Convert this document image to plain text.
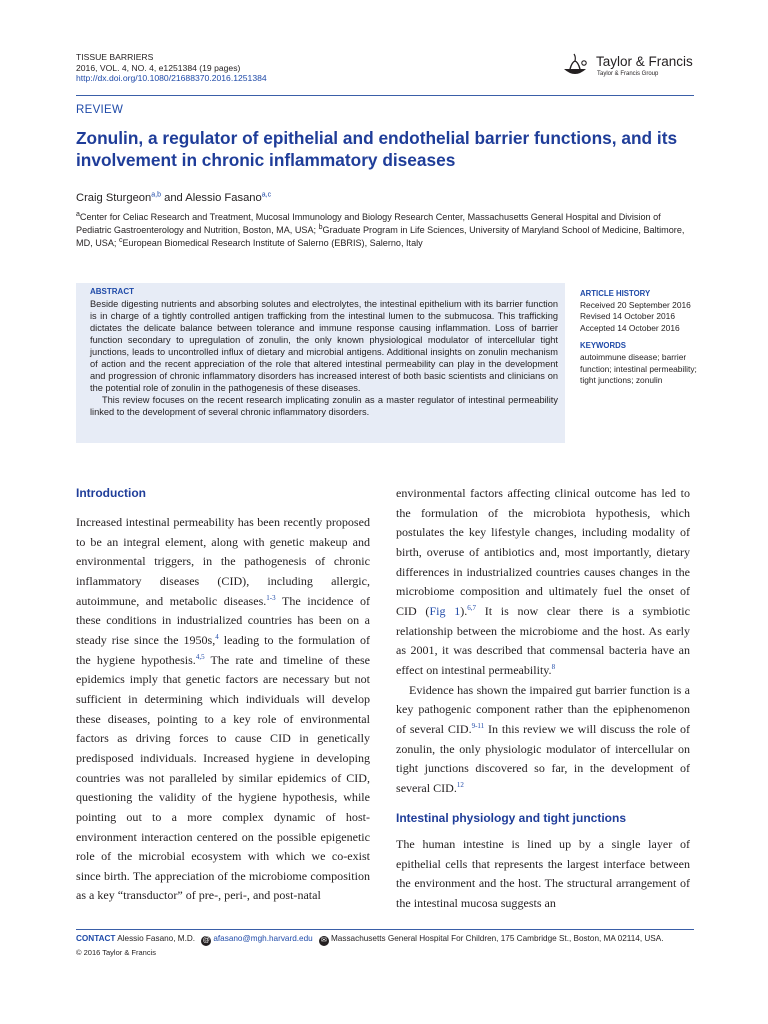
TISSUE BARRIERS
2016, VOL. 4, NO. 4, e1251384 (19 pages)
http://dx.doi.org/10.1080/21688370.2016.1251384
Taylor & Francis
Taylor & Francis Group
REVIEW
Zonulin, a regulator of epithelial and endothelial barrier functions, and its involvement in chronic inflammatory diseases
Craig Sturgeon$^{a,b}$ and Alessio Fasano$^{a,c}$
$^a$Center for Celiac Research and Treatment, Mucosal Immunology and Biology Research Center, Massachusetts General Hospital and Division of Pediatric Gastroenterology and Nutrition, Boston, MA, USA; $^b$Graduate Program in Life Sciences, University of Maryland School of Medicine, Baltimore, MD, USA; $^c$European Biomedical Research Institute of Salerno (EBRIS), Salerno, Italy
ABSTRACT

Beside digesting nutrients and absorbing solutes and electrolytes, the intestinal epithelium with its barrier function is in charge of a tightly controlled antigen trafficking from the intestinal lumen to the submucosa. This trafficking dictates the delicate balance between tolerance and immune response causing inflammation. Loss of barrier function secondary to upregulation of zonulin, the only known physiological modulator of intercellular tight junctions, leads to uncontrolled influx of dietary and microbial antigens. Additional insights on zonulin mechanism of action and the recent appreciation of the role that altered intestinal permeability can play in the development and progression of chronic inflammatory disorders has increased interest of both basic scientists and clinicians on the potential role of zonulin in the pathogenesis of these diseases.

This review focuses on the recent research implicating zonulin as a master regulator of intestinal permeability linked to the development of several chronic inflammatory disorders.

ARTICLE HISTORY
Received 20 September 2016
Revised 14 October 2016
Accepted 14 October 2016
KEYWORDS
autoimmune disease; barrier function; intestinal permeability; tight junctions; zonulin
Introduction

Increased intestinal permeability has been recently proposed to be an integral element, along with genetic makeup and environmental triggers, in the pathogenesis of chronic inflammatory diseases (CID), including allergic, autoimmune, and metabolic diseases.$^{1-3}$ The incidence of these conditions in industrialized countries has been on a steady rise since the 1950s,$^4$ leading to the formulation of the hygiene hypothesis.$^{4,5}$ The rate and timeline of these epidemics imply that genetic factors are necessary but not sufficient in determining which individuals will develop these diseases, pointing to a key role of environmental factors as driving forces to cause CID in genetically predisposed individuals. Increased hygiene in developing countries was not paralleled by similar epidemics of CID, questioning the validity of the hygiene hypothesis, while pointing out to a more complex dynamic of host-environment interaction centered on the possible epigenetic role of the microbial ecosystem with which we co-exist since birth. The appreciation of the microbiome composition as a key “transductor” of pre-, peri-, and post-natal

environmental factors affecting clinical outcome has led to the formulation of the microbiota hypothesis, which postulates the key lifestyle changes, including modality of birth, overuse of antibiotics and, most importantly, dietary differences in industrialized countries causes changes in the microbiome composition and ultimately fuel the onset of CID (Fig 1).$^{6,7}$ It is now clear there is a symbiotic relationship between the microbiome and the host. As early as 2001, it was described that commensal bacteria have an effect on intestinal permeability.$^8$

Evidence has shown the impaired gut barrier function is a key pathogenic component rather than the epiphenomenon of several CID.$^{9-11}$ In this review we will discuss the role of zonulin, the only physiologic modulator of intercellular on tight junctions discovered so far, in the development of several CID.$^{12}$

Intestinal physiology and tight junctions

The human intestine is lined up by a single layer of epithelial cells that represents the largest interface between the environment and the host. The structural arrangement of the intestinal mucosa suggests an

CONTACT Alessio Fasano, M.D. @ afasano@mgh.harvard.edu ✉ Massachusetts General Hospital For Children, 175 Cambridge St., Boston, MA 02114, USA.
© 2016 Taylor & Francis
